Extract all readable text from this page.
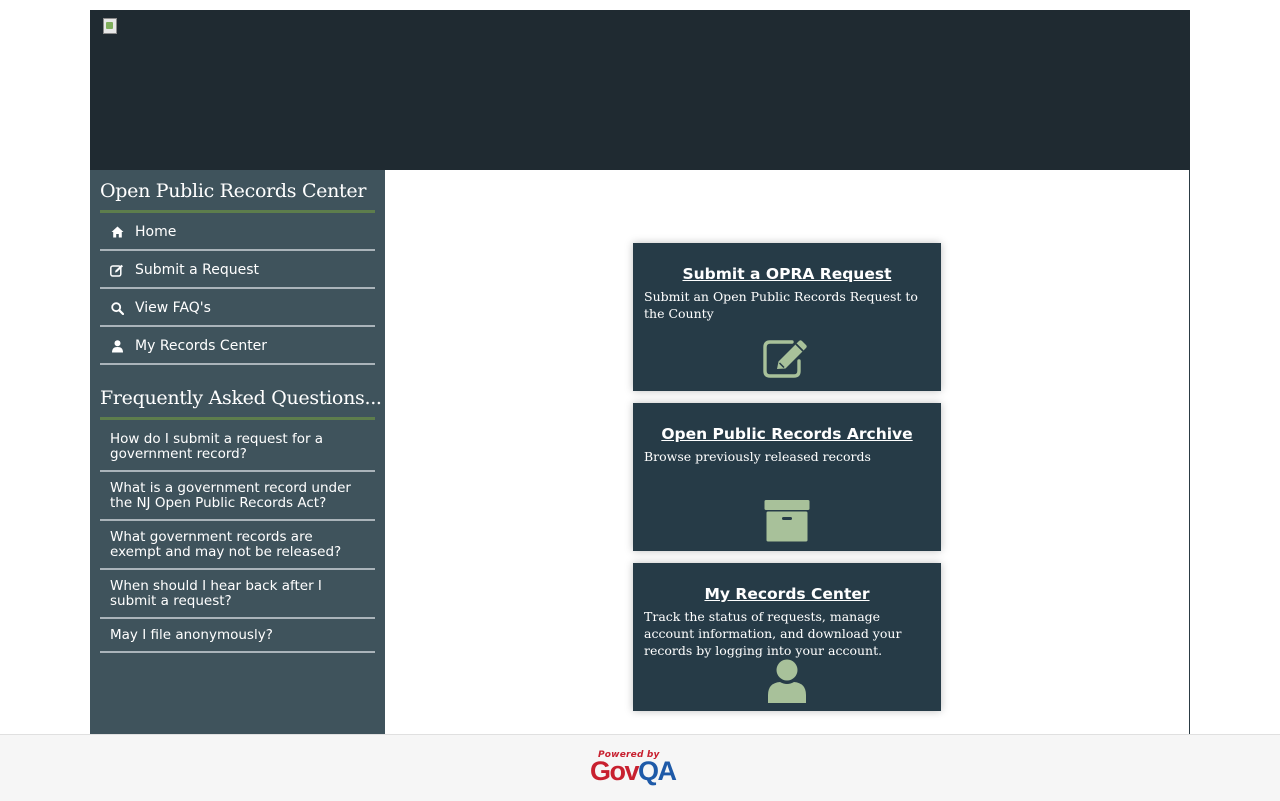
Open Public Records Center
Home
Submit a Request
View FAQ's
My Records Center
Frequently Asked Questions...
How do I submit a request for a government record?
What is a government record under the NJ Open Public Records Act?
What government records are exempt and may not be released?
When should I hear back after I submit a request?
May I file anonymously?
Submit a OPRA Request
Submit an Open Public Records Request to the County
Open Public Records Archive
Browse previously released records
My Records Center
Track the status of requests, manage account information, and download your records by logging into your account.
Powered by
GovQA
